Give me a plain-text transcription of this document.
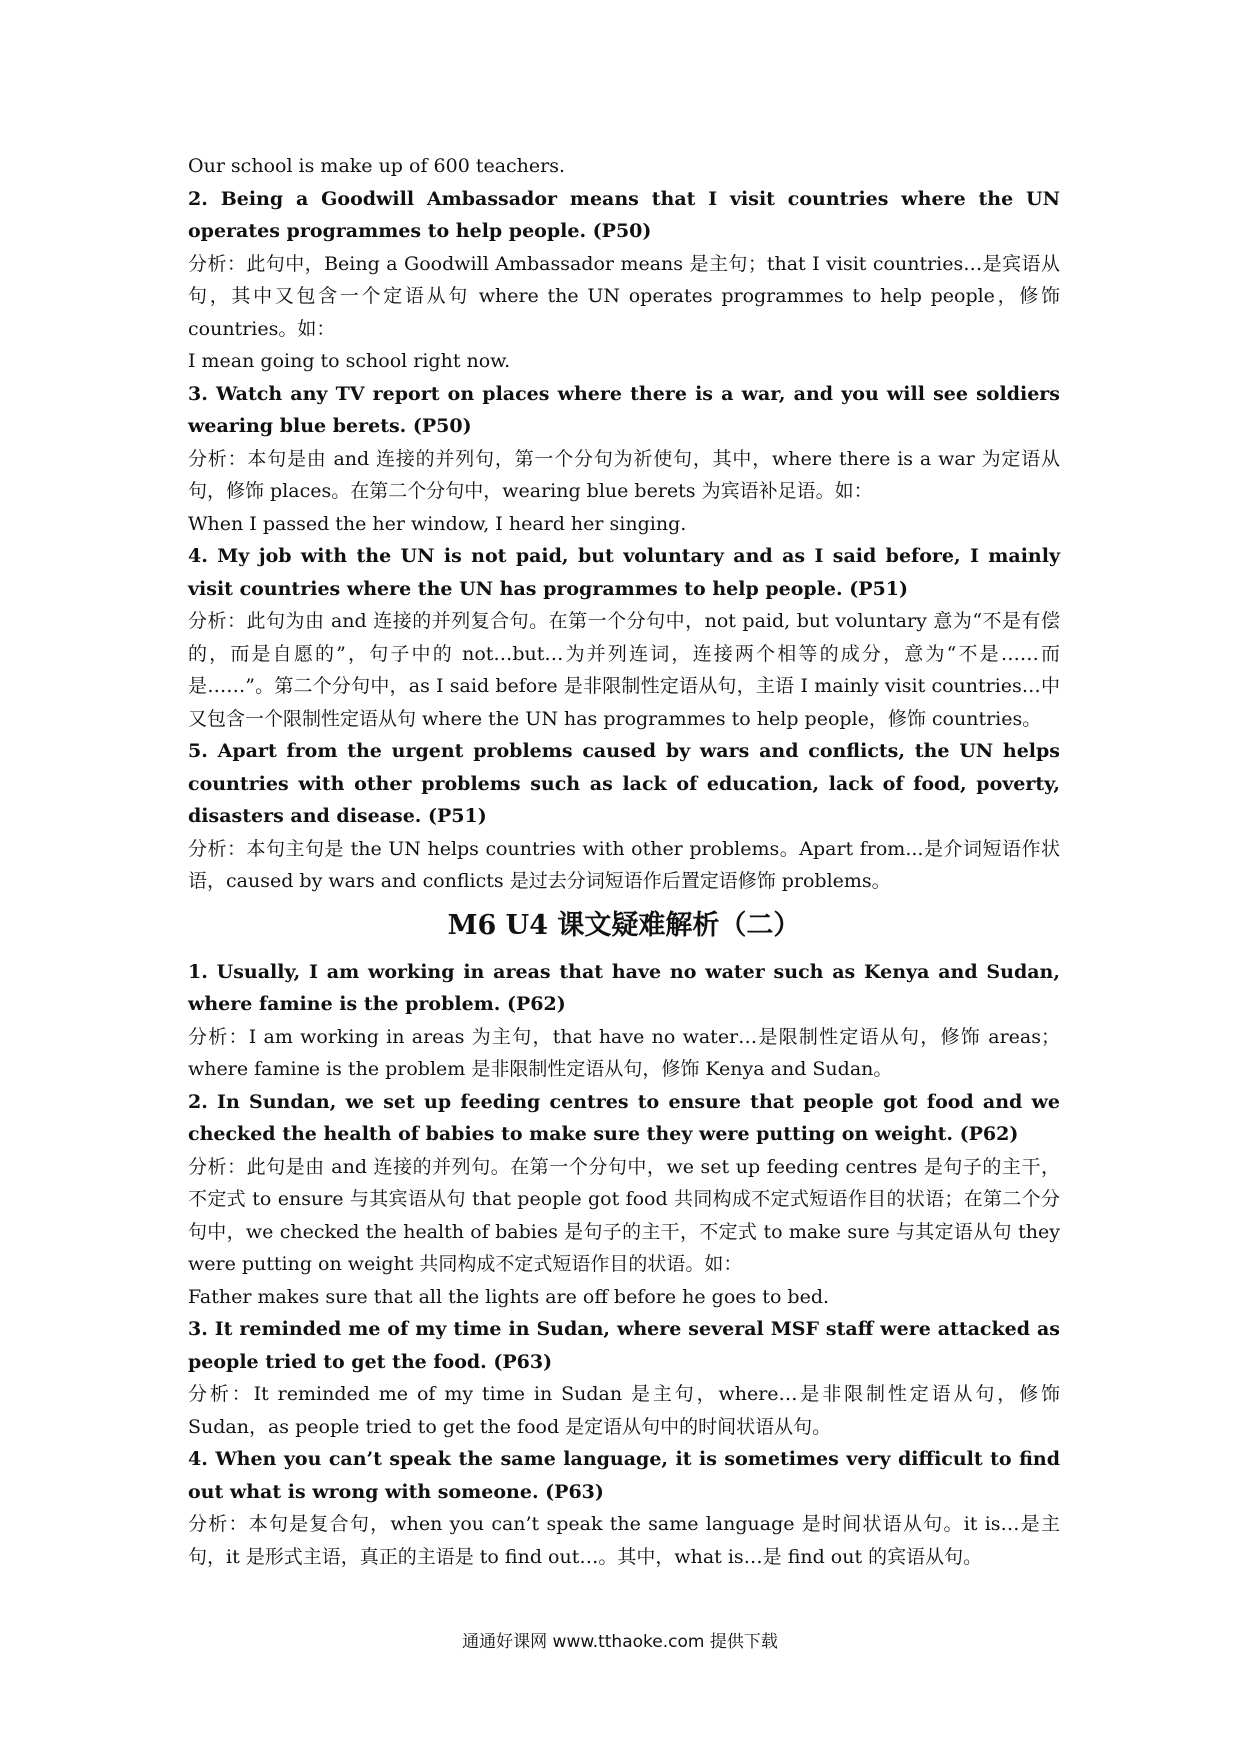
Our school is make up of 600 teachers.

2. Being a Goodwill Ambassador means that I visit countries where the UN operates programmes to help people. (P50)

分析：此句中，Being a Goodwill Ambassador means 是主句；that I visit countries…是宾语从句，其中又包含一个定语从句 where the UN operates programmes to help people，修饰 countries。如：

I mean going to school right now.

3. Watch any TV report on places where there is a war, and you will see soldiers wearing blue berets. (P50)

分析：本句是由 and 连接的并列句，第一个分句为祈使句，其中，where there is a war 为定语从句，修饰 places。在第二个分句中，wearing blue berets 为宾语补足语。如：

When I passed the her window, I heard her singing.

4. My job with the UN is not paid, but voluntary and as I said before, I mainly visit countries where the UN has programmes to help people. (P51)

分析：此句为由 and 连接的并列复合句。在第一个分句中，not paid, but voluntary 意为“不是有偿的，而是自愿的”，句子中的 not…but…为并列连词，连接两个相等的成分，意为“不是……而是……”。第二个分句中，as I said before 是非限制性定语从句，主语 I mainly visit countries…中又包含一个限制性定语从句 where the UN has programmes to help people，修饰 countries。

5. Apart from the urgent problems caused by wars and conflicts, the UN helps countries with other problems such as lack of education, lack of food, poverty, disasters and disease. (P51)

分析：本句主句是 the UN helps countries with other problems。Apart from...是介词短语作状语，caused by wars and conflicts 是过去分词短语作后置定语修饰 problems。

M6 U4 课文疑难解析（二）

1. Usually, I am working in areas that have no water such as Kenya and Sudan, where famine is the problem. (P62)

分析：I am working in areas 为主句，that have no water…是限制性定语从句，修饰 areas；where famine is the problem 是非限制性定语从句，修饰 Kenya and Sudan。

2. In Sundan, we set up feeding centres to ensure that people got food and we checked the health of babies to make sure they were putting on weight. (P62)

分析：此句是由 and 连接的并列句。在第一个分句中，we set up feeding centres 是句子的主干，不定式 to ensure 与其宾语从句 that people got food 共同构成不定式短语作目的状语；在第二个分句中，we checked the health of babies 是句子的主干，不定式 to make sure 与其定语从句 they were putting on weight 共同构成不定式短语作目的状语。如：

Father makes sure that all the lights are off before he goes to bed.

3. It reminded me of my time in Sudan, where several MSF staff were attacked as people tried to get the food. (P63)

分析：It reminded me of my time in Sudan 是主句，where…是非限制性定语从句，修饰 Sudan，as people tried to get the food 是定语从句中的时间状语从句。

4. When you can’t speak the same language, it is sometimes very difficult to find out what is wrong with someone. (P63)

分析：本句是复合句，when you can’t speak the same language 是时间状语从句。it is…是主句，it 是形式主语，真正的主语是 to find out…。其中，what is…是 find out 的宾语从句。

通通好课网 www.tthaoke.com 提供下载
